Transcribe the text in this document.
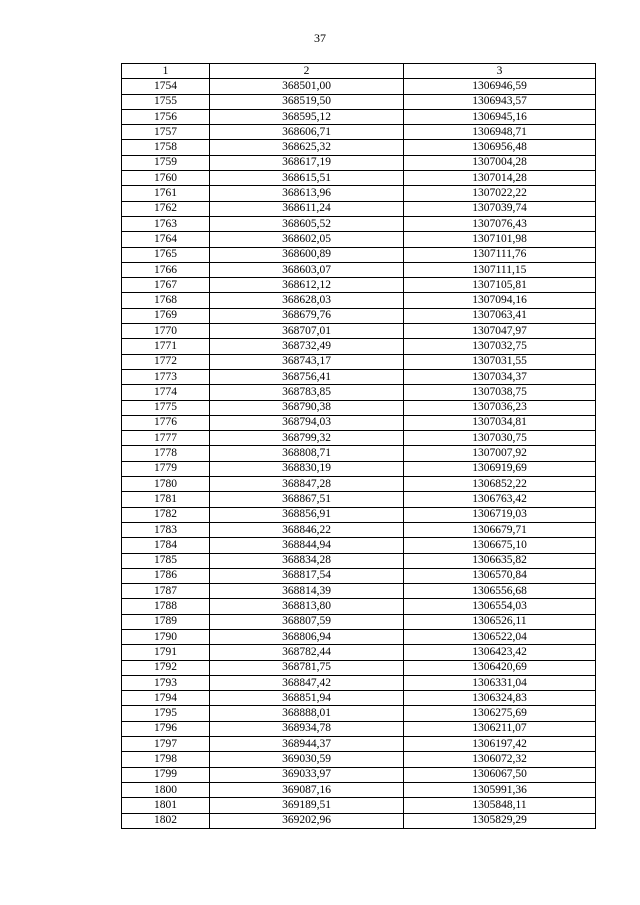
37
1	2	3
1754	368501,00	1306946,59
1755	368519,50	1306943,57
1756	368595,12	1306945,16
1757	368606,71	1306948,71
1758	368625,32	1306956,48
1759	368617,19	1307004,28
1760	368615,51	1307014,28
1761	368613,96	1307022,22
1762	368611,24	1307039,74
1763	368605,52	1307076,43
1764	368602,05	1307101,98
1765	368600,89	1307111,76
1766	368603,07	1307111,15
1767	368612,12	1307105,81
1768	368628,03	1307094,16
1769	368679,76	1307063,41
1770	368707,01	1307047,97
1771	368732,49	1307032,75
1772	368743,17	1307031,55
1773	368756,41	1307034,37
1774	368783,85	1307038,75
1775	368790,38	1307036,23
1776	368794,03	1307034,81
1777	368799,32	1307030,75
1778	368808,71	1307007,92
1779	368830,19	1306919,69
1780	368847,28	1306852,22
1781	368867,51	1306763,42
1782	368856,91	1306719,03
1783	368846,22	1306679,71
1784	368844,94	1306675,10
1785	368834,28	1306635,82
1786	368817,54	1306570,84
1787	368814,39	1306556,68
1788	368813,80	1306554,03
1789	368807,59	1306526,11
1790	368806,94	1306522,04
1791	368782,44	1306423,42
1792	368781,75	1306420,69
1793	368847,42	1306331,04
1794	368851,94	1306324,83
1795	368888,01	1306275,69
1796	368934,78	1306211,07
1797	368944,37	1306197,42
1798	369030,59	1306072,32
1799	369033,97	1306067,50
1800	369087,16	1305991,36
1801	369189,51	1305848,11
1802	369202,96	1305829,29
